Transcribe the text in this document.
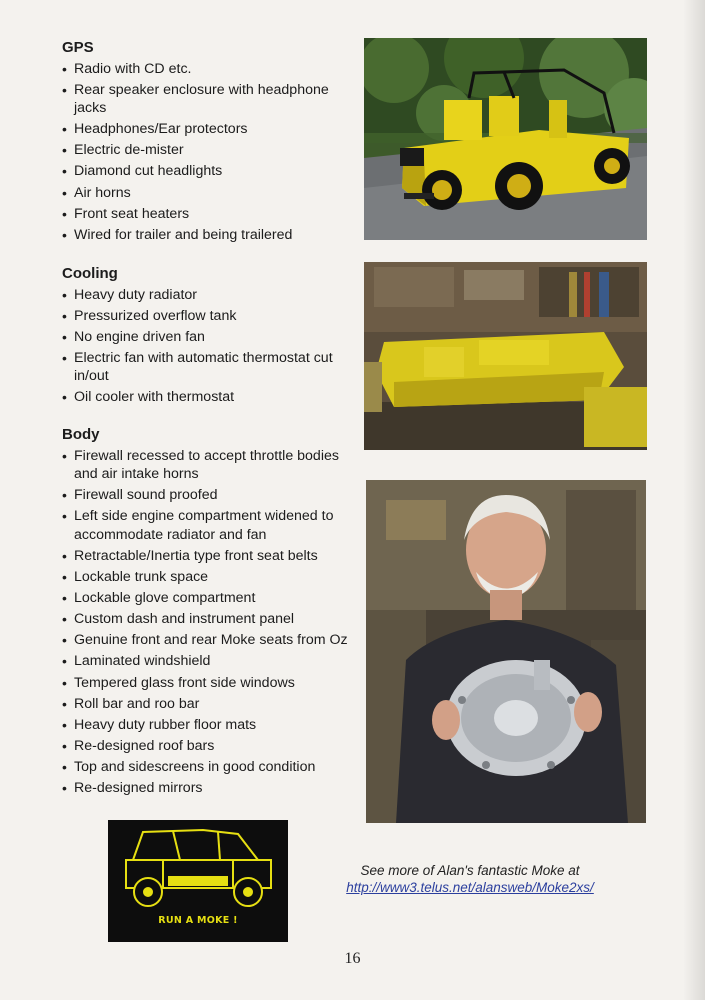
GPS
• Radio with CD etc.
• Rear speaker enclosure with headphone jacks
• Headphones/Ear protectors
• Electric de-mister
• Diamond cut headlights
• Air horns
• Front seat heaters
• Wired for trailer and being trailered
Cooling
• Heavy duty radiator
• Pressurized overflow tank
• No engine driven fan
• Electric fan with automatic thermostat cut in/out
• Oil cooler with thermostat
Body
• Firewall recessed to accept throttle bodies and air intake horns
• Firewall sound proofed
• Left side engine compartment widened to accommodate radiator and fan
• Retractable/Inertia type front seat belts
• Lockable trunk space
• Lockable glove compartment
• Custom dash and instrument panel
• Genuine front and rear Moke seats from Oz
• Laminated windshield
• Tempered glass front side windows
• Roll bar and roo bar
• Heavy duty rubber floor mats
• Re-designed roof bars
• Top and sidescreens in good condition
• Re-designed mirrors
RUN A MOKE !
See more of Alan's fantastic Moke at
http://www3.telus.net/alansweb/Moke2xs/
16
